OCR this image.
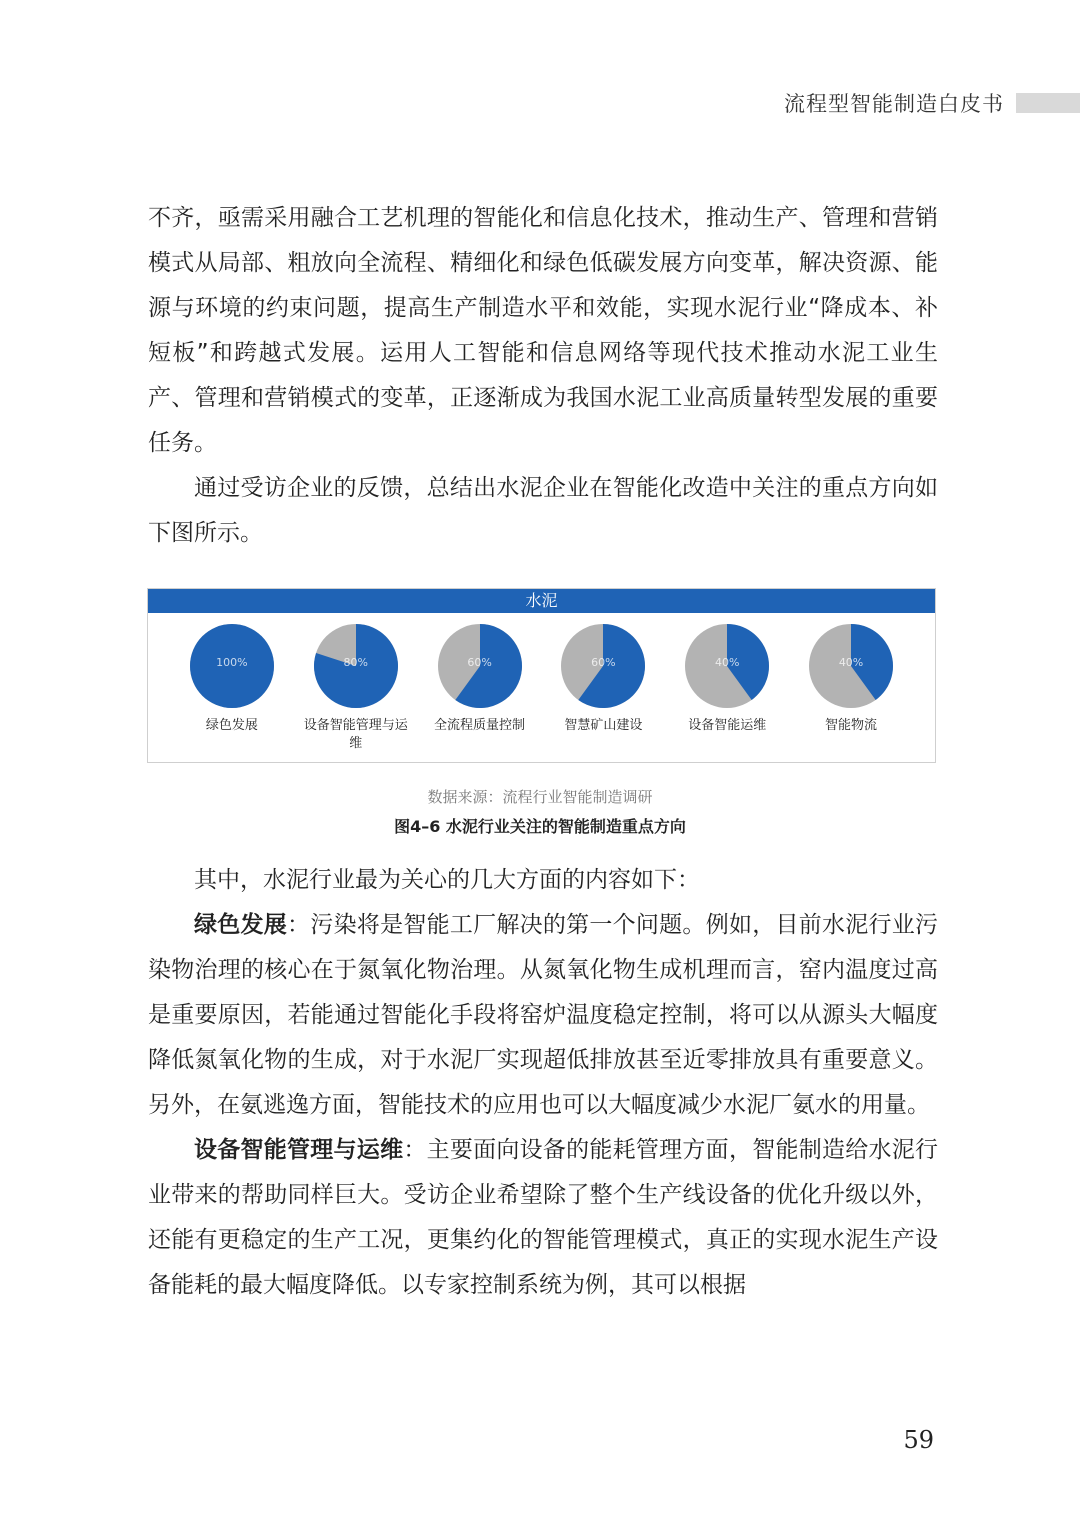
流程型智能制造白皮书

不齐，亟需采用融合工艺机理的智能化和信息化技术，推动生产、管理和营销模式从局部、粗放向全流程、精细化和绿色低碳发展方向变革，解决资源、能源与环境的约束问题，提高生产制造水平和效能，实现水泥行业“降成本、补短板”和跨越式发展。运用人工智能和信息网络等现代技术推动水泥工业生产、管理和营销模式的变革，正逐渐成为我国水泥工业高质量转型发展的重要任务。

通过受访企业的反馈，总结出水泥企业在智能化改造中关注的重点方向如下图所示。

水泥
100%
绿色发展
80%
设备智能管理与运维
60%
全流程质量控制
60%
智慧矿山建设
40%
设备智能运维
40%
智能物流
数据来源：流程行业智能制造调研
图4–6 水泥行业关注的智能制造重点方向

其中，水泥行业最为关心的几大方面的内容如下：

绿色发展：污染将是智能工厂解决的第一个问题。例如，目前水泥行业污染物治理的核心在于氮氧化物治理。从氮氧化物生成机理而言，窑内温度过高是重要原因，若能通过智能化手段将窑炉温度稳定控制，将可以从源头大幅度降低氮氧化物的生成，对于水泥厂实现超低排放甚至近零排放具有重要意义。另外，在氨逃逸方面，智能技术的应用也可以大幅度减少水泥厂氨水的用量。

设备智能管理与运维：主要面向设备的能耗管理方面，智能制造给水泥行业带来的帮助同样巨大。受访企业希望除了整个生产线设备的优化升级以外，还能有更稳定的生产工况，更集约化的智能管理模式，真正的实现水泥生产设备能耗的最大幅度降低。以专家控制系统为例，其可以根据

59
